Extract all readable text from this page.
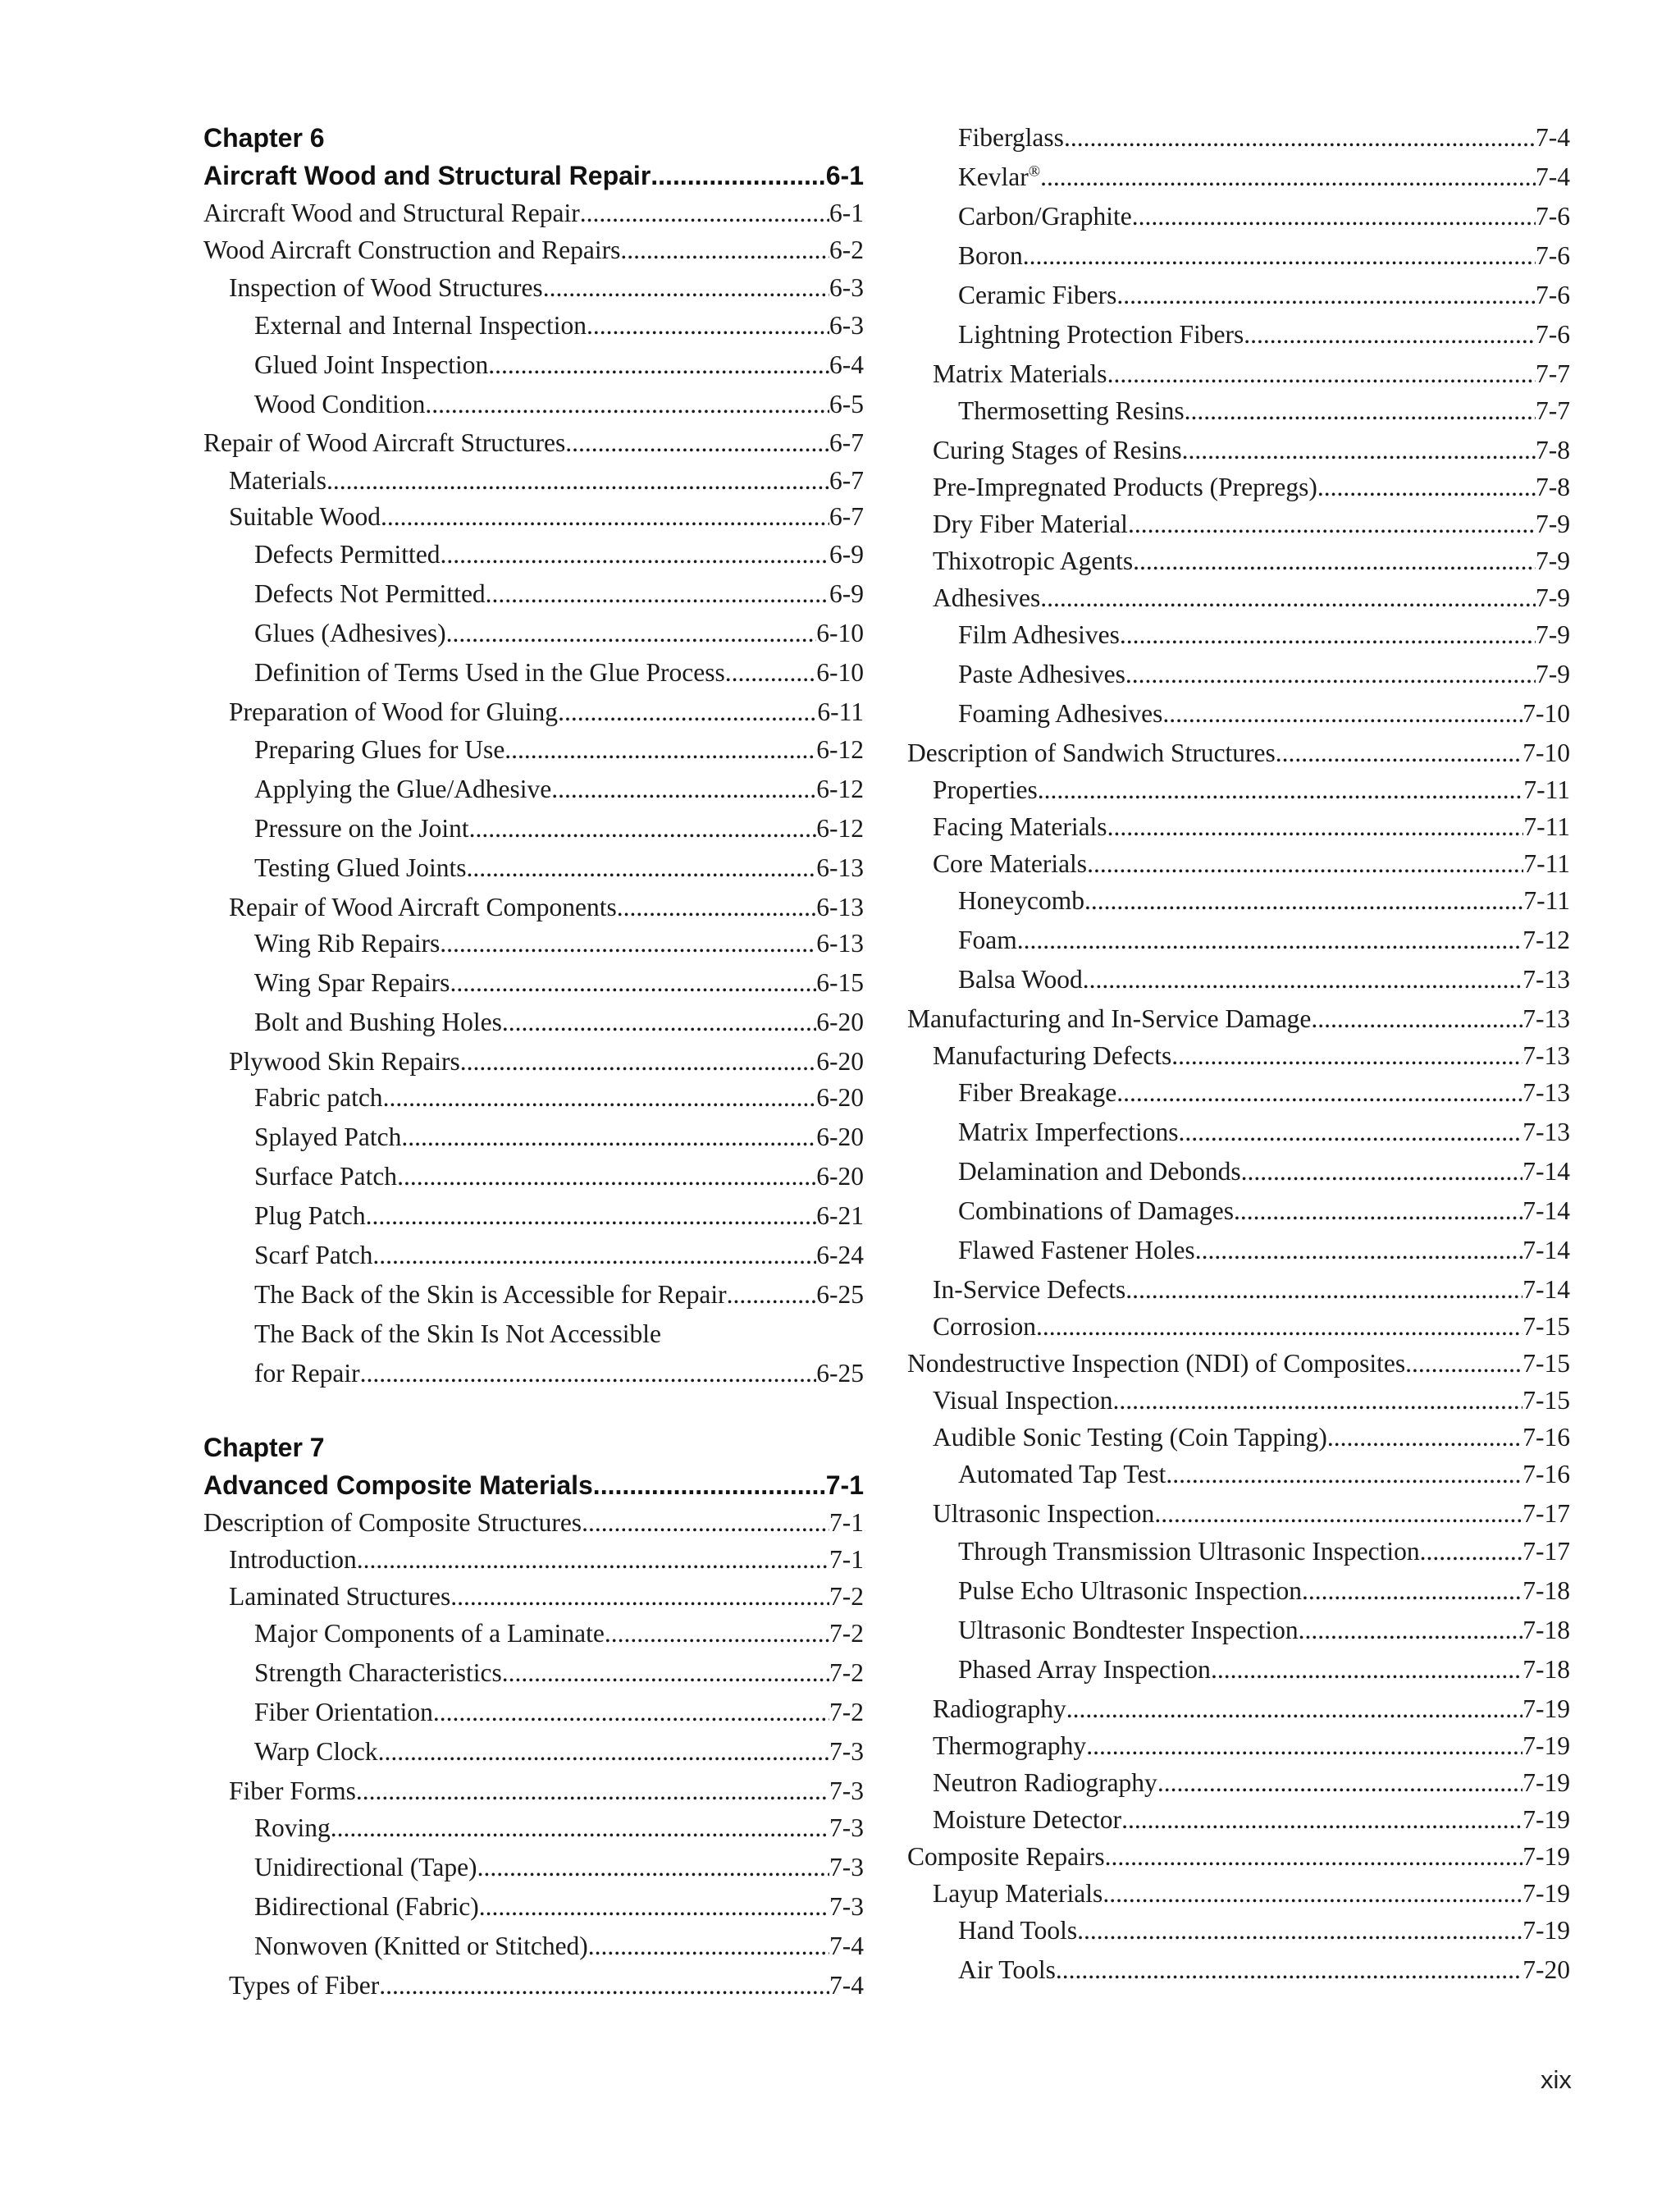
Chapter 6
Aircraft Wood and Structural Repair .....	6-1
Aircraft Wood and Structural Repair .....	6-1
Wood Aircraft Construction and Repairs .....	6-2
Inspection of Wood Structures .....	6-3
External and Internal Inspection .....	6-3
Glued Joint Inspection .....	6-4
Wood Condition .....	6-5
Repair of Wood Aircraft Structures .....	6-7
Materials .....	6-7
Suitable Wood .....	6-7
Defects Permitted .....	6-9
Defects Not Permitted .....	6-9
Glues (Adhesives) .....	6-10
Definition of Terms Used in the Glue Process .....	6-10
Preparation of Wood for Gluing .....	6-11
Preparing Glues for Use .....	6-12
Applying the Glue/Adhesive .....	6-12
Pressure on the Joint .....	6-12
Testing Glued Joints .....	6-13
Repair of Wood Aircraft Components .....	6-13
Wing Rib Repairs .....	6-13
Wing Spar Repairs .....	6-15
Bolt and Bushing Holes .....	6-20
Plywood Skin Repairs .....	6-20
Fabric patch .....	6-20
Splayed Patch .....	6-20
Surface Patch .....	6-20
Plug Patch .....	6-21
Scarf Patch .....	6-24
The Back of the Skin is Accessible for Repair .....	6-25
The Back of the Skin Is Not Accessible
for Repair .....	6-25
Chapter 7
Advanced Composite Materials .....	7-1
Description of Composite Structures .....	7-1
Introduction .....	7-1
Laminated Structures .....	7-2
Major Components of a Laminate .....	7-2
Strength Characteristics .....	7-2
Fiber Orientation .....	7-2
Warp Clock .....	7-3
Fiber Forms .....	7-3
Roving .....	7-3
Unidirectional (Tape) .....	7-3
Bidirectional (Fabric) .....	7-3
Nonwoven (Knitted or Stitched) .....	7-4
Types of Fiber .....	7-4
Fiberglass .....	7-4
Kevlar® .....	7-4
Carbon/Graphite .....	7-6
Boron .....	7-6
Ceramic Fibers .....	7-6
Lightning Protection Fibers .....	7-6
Matrix Materials .....	7-7
Thermosetting Resins .....	7-7
Curing Stages of Resins .....	7-8
Pre-Impregnated Products (Prepregs) .....	7-8
Dry Fiber Material .....	7-9
Thixotropic Agents .....	7-9
Adhesives .....	7-9
Film Adhesives .....	7-9
Paste Adhesives .....	7-9
Foaming Adhesives .....	7-10
Description of Sandwich Structures .....	7-10
Properties .....	7-11
Facing Materials .....	7-11
Core Materials .....	7-11
Honeycomb .....	7-11
Foam .....	7-12
Balsa Wood .....	7-13
Manufacturing and In-Service Damage .....	7-13
Manufacturing Defects .....	7-13
Fiber Breakage .....	7-13
Matrix Imperfections .....	7-13
Delamination and Debonds .....	7-14
Combinations of Damages .....	7-14
Flawed Fastener Holes .....	7-14
In-Service Defects .....	7-14
Corrosion .....	7-15
Nondestructive Inspection (NDI) of Composites .....	7-15
Visual Inspection .....	7-15
Audible Sonic Testing (Coin Tapping) .....	7-16
Automated Tap Test .....	7-16
Ultrasonic Inspection .....	7-17
Through Transmission Ultrasonic Inspection .....	7-17
Pulse Echo Ultrasonic Inspection .....	7-18
Ultrasonic Bondtester Inspection .....	7-18
Phased Array Inspection .....	7-18
Radiography .....	7-19
Thermography .....	7-19
Neutron Radiography .....	7-19
Moisture Detector .....	7-19
Composite Repairs .....	7-19
Layup Materials .....	7-19
Hand Tools .....	7-19
Air Tools .....	7-20
xix
